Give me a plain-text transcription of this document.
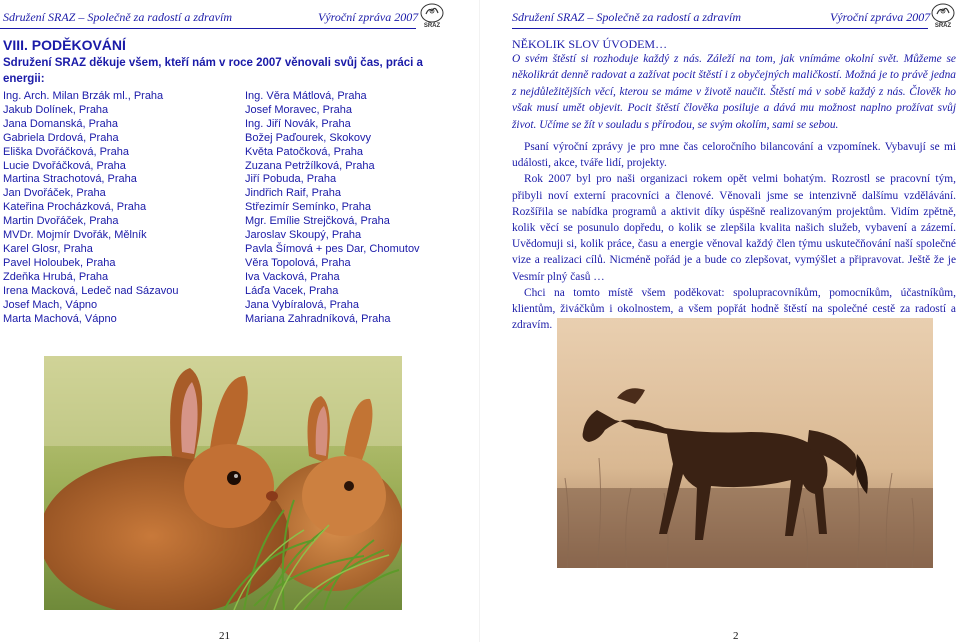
Sdružení SRAZ – Společně za radostí a zdravím	Výroční zpráva 2007
SRAZ
VIII. PODĚKOVÁNÍ
Sdružení SRAZ děkuje všem, kteří nám v roce 2007 věnovali svůj čas, práci a energii:
Ing. Arch. Milan Brzák ml., Praha
Jakub Dolínek, Praha
Jana Domanská, Praha
Gabriela Drdová, Praha
Eliška Dvořáčková, Praha
Lucie Dvořáčková, Praha
Martina Strachotová, Praha
Jan Dvořáček, Praha
Kateřina Procházková, Praha
Martin Dvořáček, Praha
MVDr. Mojmír Dvořák, Mělník
Karel Glosr, Praha
Pavel Holoubek, Praha
Zdeňka Hrubá, Praha
Irena Macková, Ledeč nad Sázavou
Josef Mach, Vápno
Marta Machová, Vápno
Ing. Věra Mátlová, Praha
Josef Moravec, Praha
Ing. Jiří Novák, Praha
Božej Paďourek, Skokovy
Květa Patočková, Praha
Zuzana Petržílková, Praha
Jiří Pobuda, Praha
Jindřich Raif, Praha
Střezimír Semínko, Praha
Mgr. Emílie Strejčková, Praha
Jaroslav Skoupý, Praha
Pavla Šímová + pes Dar, Chomutov
Věra Topolová, Praha
Iva Vacková, Praha
Láďa Vacek, Praha
Jana Vybíralová, Praha
Mariana Zahradníková, Praha
21
Sdružení SRAZ – Společně za radostí a zdravím	Výroční zpráva 2007
SRAZ
NĚKOLIK SLOV ÚVODEM…
O svém štěstí si rozhoduje každý z nás. Záleží na tom, jak vnímáme okolní svět. Můžeme se několikrát denně radovat a zažívat pocit štěstí i z obyčejných maličkostí. Možná je to právě jedna z nejdůležitějších věcí, kterou se máme v životě naučit. Štěstí má v sobě každý z nás. Člověk ho však musí umět objevit. Pocit štěstí člověka posiluje a dává mu možnost naplno prožívat svůj život. Učíme se žít v souladu s přírodou, se svým okolím, sami se sebou.

Psaní výroční zprávy je pro mne čas celoročního bilancování a vzpomínek. Vybavují se mi události, akce, tváře lidí, projekty.

Rok 2007 byl pro naši organizaci rokem opět velmi bohatým. Rozrostl se pracovní tým, přibyli noví externí pracovníci a členové. Věnovali jsme se intenzivně dalšímu vzdělávání. Rozšířila se nabídka programů a aktivit díky úspěšně realizovaným projektům. Vidím zpětně, kolik věcí se posunulo dopředu, o kolik se zlepšila kvalita našich služeb, vybavení a zázemí. Uvědomuji si, kolik práce, času a energie věnoval každý člen týmu uskutečňování naší společné vize a realizaci cílů. Nicméně pořád je a bude co zlepšovat, vymýšlet a připravovat. Ještě že je Vesmír plný časů …

Chci na tomto místě všem poděkovat: spolupracovníkům, pomocníkům, účastníkům, klientům, živáčkům i okolnostem, a všem popřát hodně štěstí na společné cestě za radostí a zdravím.

2
